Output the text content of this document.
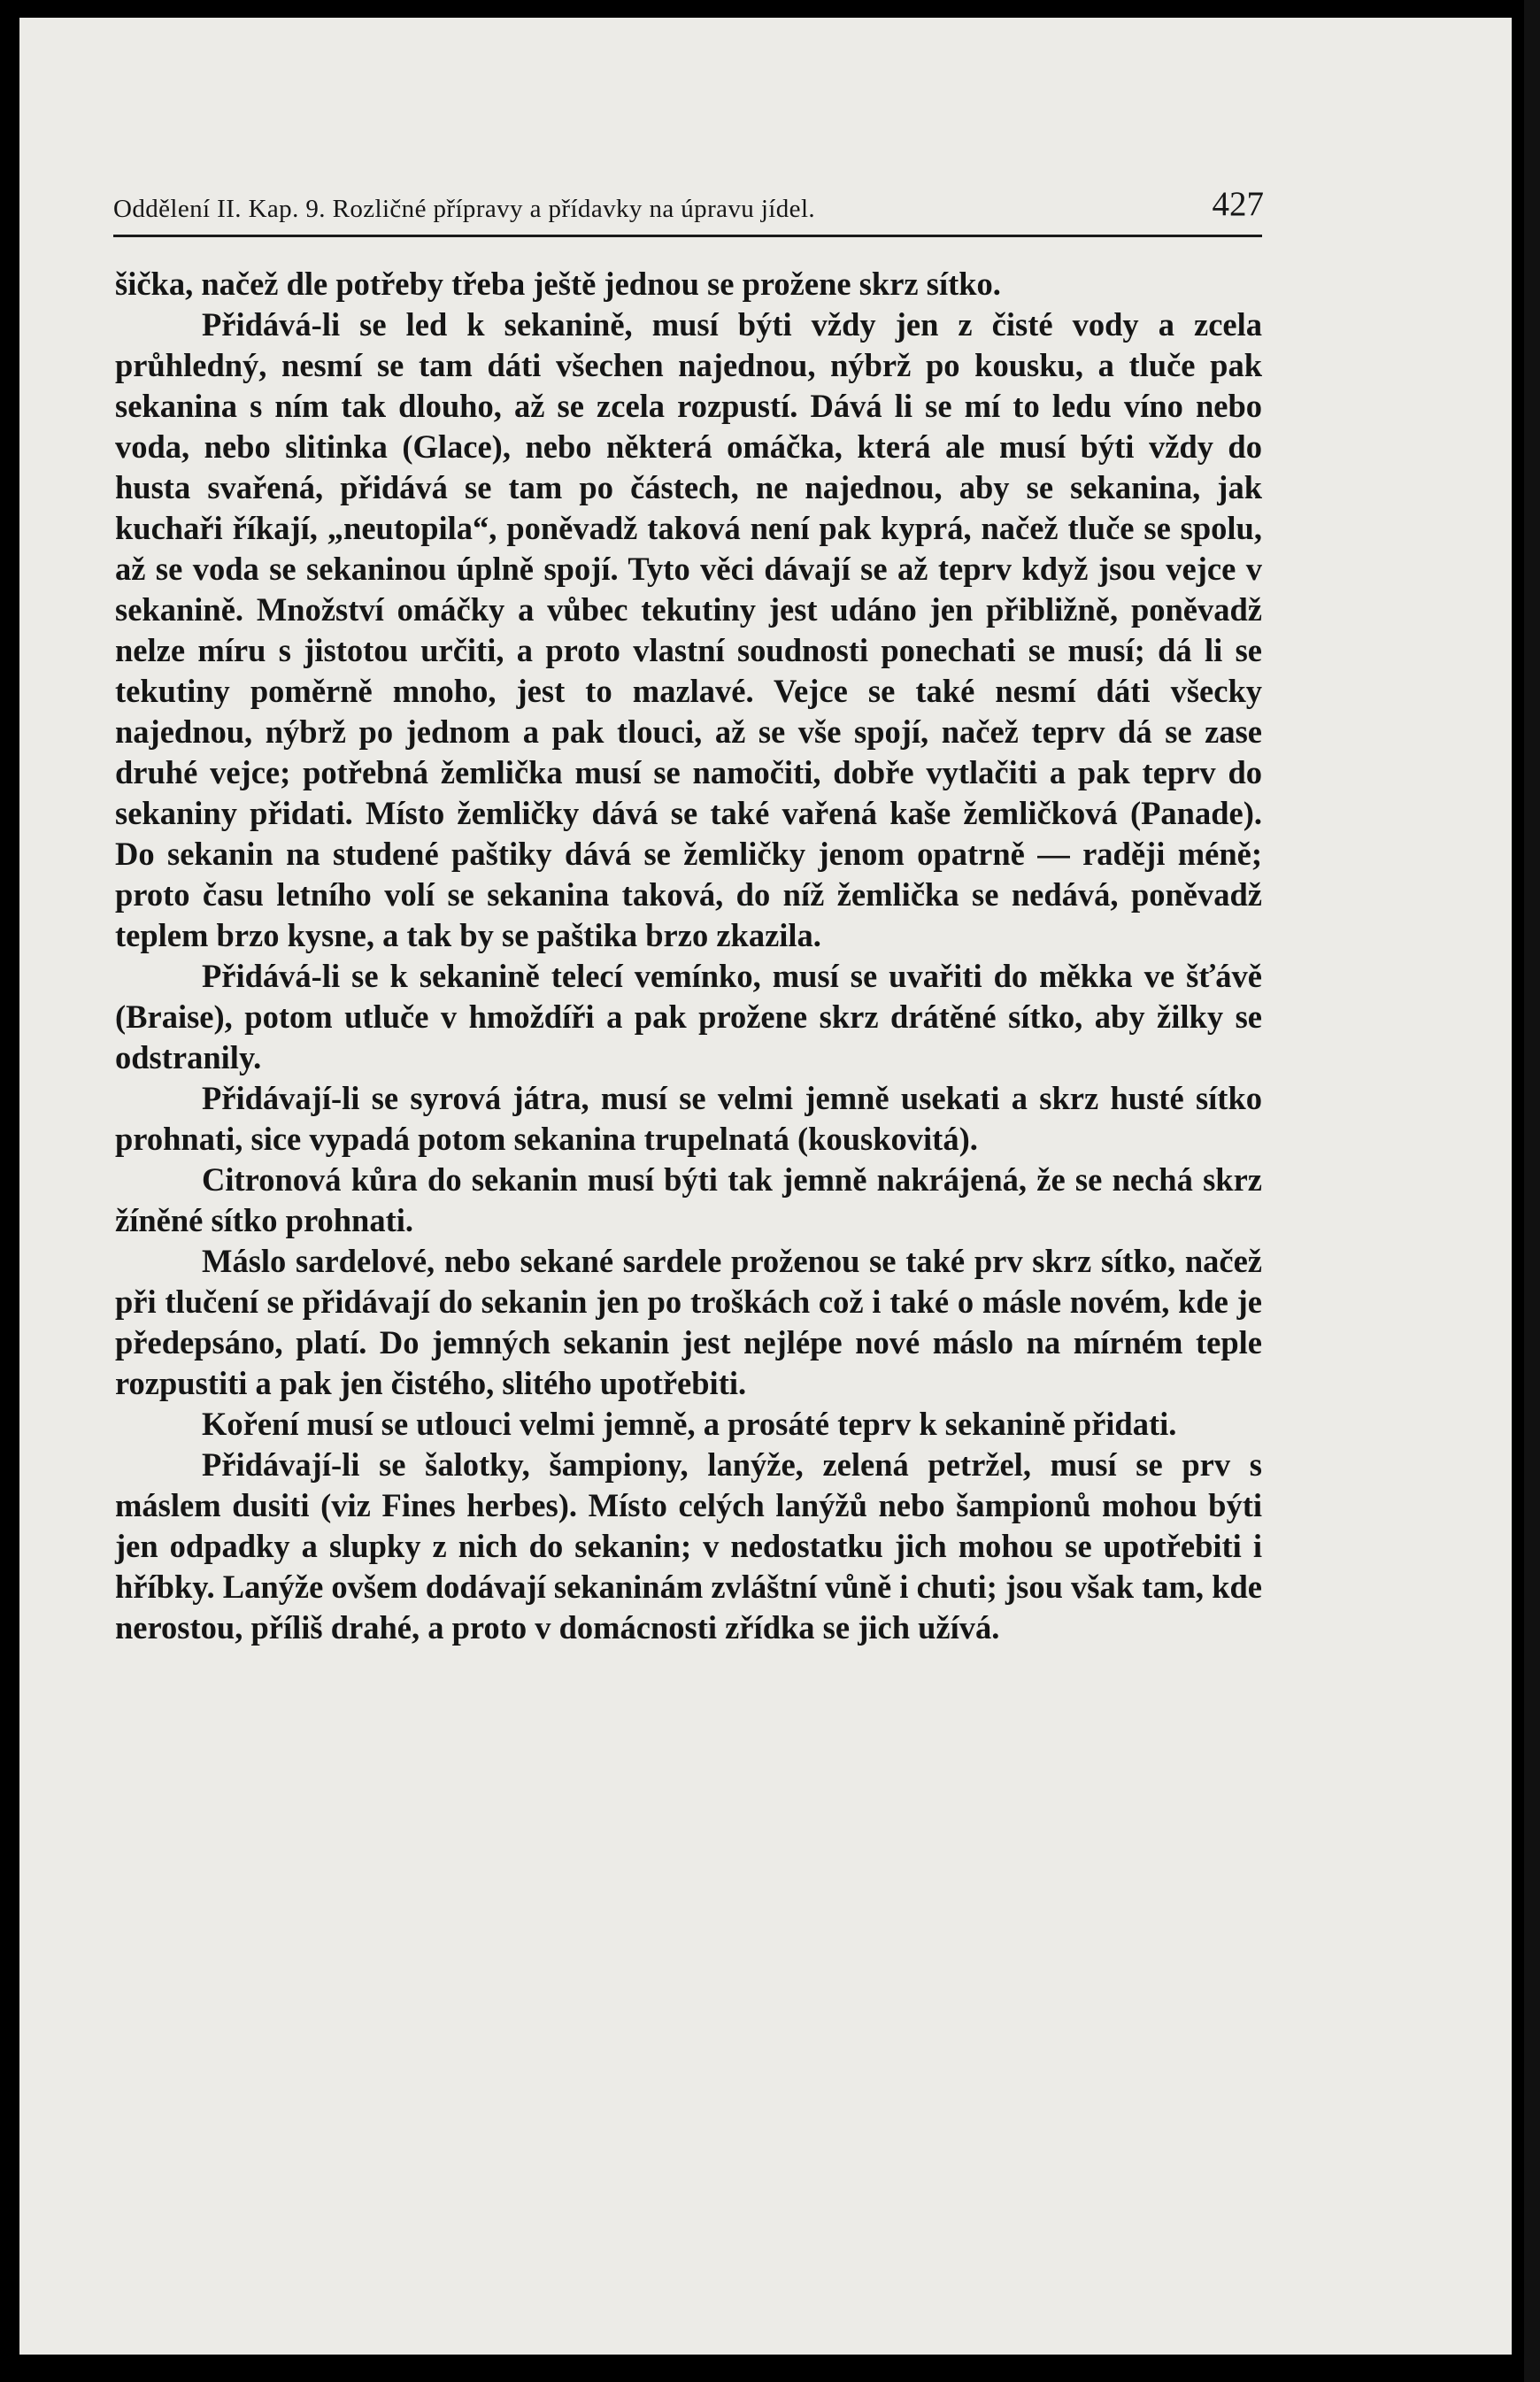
Oddělení II. Kap. 9. Rozličné přípravy a přídavky na úpravu jídel.	427

šička, načež dle potřeby třeba ještě jednou se prožene skrz sítko.

Přidává-li se led k sekanině, musí býti vždy jen z čisté vody a zcela průhledný, nesmí se tam dáti všechen najednou, nýbrž po kousku, a tluče pak sekanina s ním tak dlouho, až se zcela rozpustí. Dává li se mí to ledu víno nebo voda, nebo slitinka (Glace), nebo některá omáčka, která ale musí býti vždy do husta svařená, přidává se tam po částech, ne najednou, aby se sekanina, jak kuchaři říkají, „neutopila“, poněvadž taková není pak kyprá, načež tluče se spolu, až se voda se sekaninou úplně spojí. Tyto věci dávají se až teprv když jsou vejce v sekanině. Množství omáčky a vůbec tekutiny jest udáno jen přibližně, poněvadž nelze míru s jistotou určiti, a proto vlastní soudnosti ponechati se musí; dá li se tekutiny poměrně mnoho, jest to mazlavé. Vejce se také nesmí dáti všecky najednou, nýbrž po jednom a pak tlouci, až se vše spojí, načež teprv dá se zase druhé vejce; potřebná žemlička musí se namočiti, dobře vytlačiti a pak teprv do sekaniny přidati. Místo žemličky dává se také vařená kaše žemličková (Panade). Do sekanin na studené paštiky dává se žemličky jenom opatrně — raději méně; proto času letního volí se sekanina taková, do níž žemlička se nedává, poněvadž teplem brzo kysne, a tak by se paštika brzo zkazila.

Přidává-li se k sekanině telecí vemínko, musí se uvařiti do měkka ve šťávě (Braise), potom utluče v hmoždíři a pak prožene skrz drátěné sítko, aby žilky se odstranily.

Přidávají-li se syrová játra, musí se velmi jemně usekati a skrz husté sítko prohnati, sice vypadá potom sekanina trupelnatá (kouskovitá).

Citronová kůra do sekanin musí býti tak jemně nakrájená, že se nechá skrz žíněné sítko prohnati.

Máslo sardelové, nebo sekané sardele proženou se také prv skrz sítko, načež při tlučení se přidávají do sekanin jen po troškách což i také o másle novém, kde je předepsáno, platí. Do jemných sekanin jest nejlépe nové máslo na mírném teple rozpustiti a pak jen čistého, slitého upotřebiti.

Koření musí se utlouci velmi jemně, a prosáté teprv k sekanině přidati.

Přidávají-li se šalotky, šampiony, lanýže, zelená petržel, musí se prv s máslem dusiti (viz Fines herbes). Místo celých lanýžů nebo šampionů mohou býti jen odpadky a slupky z nich do sekanin; v nedostatku jich mohou se upotřebiti i hříbky. Lanýže ovšem dodávají sekaninám zvláštní vůně i chuti; jsou však tam, kde nerostou, příliš drahé, a proto v domácnosti zřídka se jich užívá.
